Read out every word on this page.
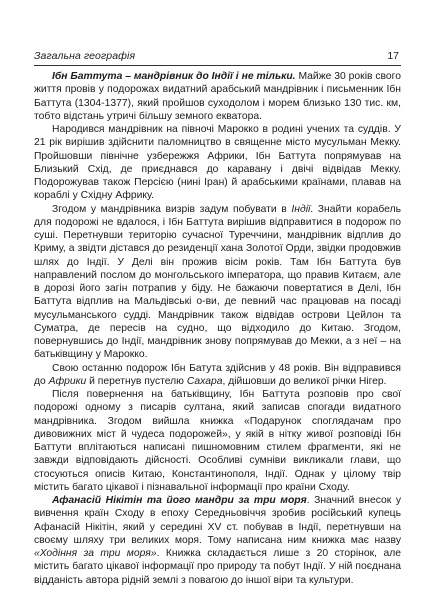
Загальна географія	17

Ібн Баттута – мандрівник до Індії і не тільки. Майже 30 років свого життя провів у подорожах видатний арабський мандрівник і письменник Ібн Баттута (1304-1377), який пройшов суходолом і морем близько 130 тис. км, тобто відстань утричі більшу земного екватора.

Народився мандрівник на півночі Марокко в родині учених та суддів. У 21 рік вирішив здійснити паломництво в священне місто мусульман Мекку. Пройшовши північне узбережжя Африки, Ібн Баттута попрямував на Близький Схід, де приєднався до каравану і двічі відвідав Мекку. Подорожував також Персією (нині Іран) й арабськими країнами, плавав на кораблі у Східну Африку.

Згодом у мандрівника визрів задум побувати в Індії. Знайти корабель для подорожі не вдалося, і Ібн Баттута вирішив відправитися в подорож по суші. Перетнувши територію сучасної Туреччини, мандрівник відплив до Криму, а звідти дістався до резиденції хана Золотої Орди, звідки продовжив шлях до Індії. У Делі він прожив вісім років. Там Ібн Баттута був направлений послом до монгольського імператора, що правив Китаєм, але в дорозі його загін потрапив у біду. Не бажаючи повертатися в Делі, Ібн Баттута відплив на Мальдівські о-ви, де певний час працював на посаді мусульманського судді. Мандрівник також відвідав острови Цейлон та Суматра, де пересів на судно, що відходило до Китаю. Згодом, повернувшись до Індії, мандрівник знову попрямував до Мекки, а з неї – на батьківщину у Марокко.

Свою останню подорож Ібн Батута здійснив у 48 років. Він відправився до Африки й перетнув пустелю Сахара, дійшовши до великої річки Нігер.

Після повернення на батьківщину, Ібн Баттута розповів про свої подорожі одному з писарів султана, який записав спогади видатного мандрівника. Згодом вийшла книжка «Подарунок споглядачам про дивовижних міст й чудеса подорожей», у якій в нітку живої розповіді Ібн Баттути вплітаються написані пишномовним стилем фрагменти, які не завжди відповідають дійсності. Особливі сумніви викликали глави, що стосуються описів Китаю, Константинополя, Індії. Однак у цілому твір містить багато цікавої і пізнавальної інформації про країни Сходу.

Афанасій Нікітін та його мандри за три моря. Значний внесок у вивчення країн Сходу в епоху Середньовіччя зробив російський купець Афанасій Нікітін, який у середині XV ст. побував в Індії, перетнувши на своєму шляху три великих моря. Тому написана ним книжка має назву «Ходіння за три моря». Книжка складається лише з 20 сторінок, але містить багато цікавої інформації про природу та побут Індії. У ній поєднана відданість автора рідній землі з повагою до іншої віри та культури.
